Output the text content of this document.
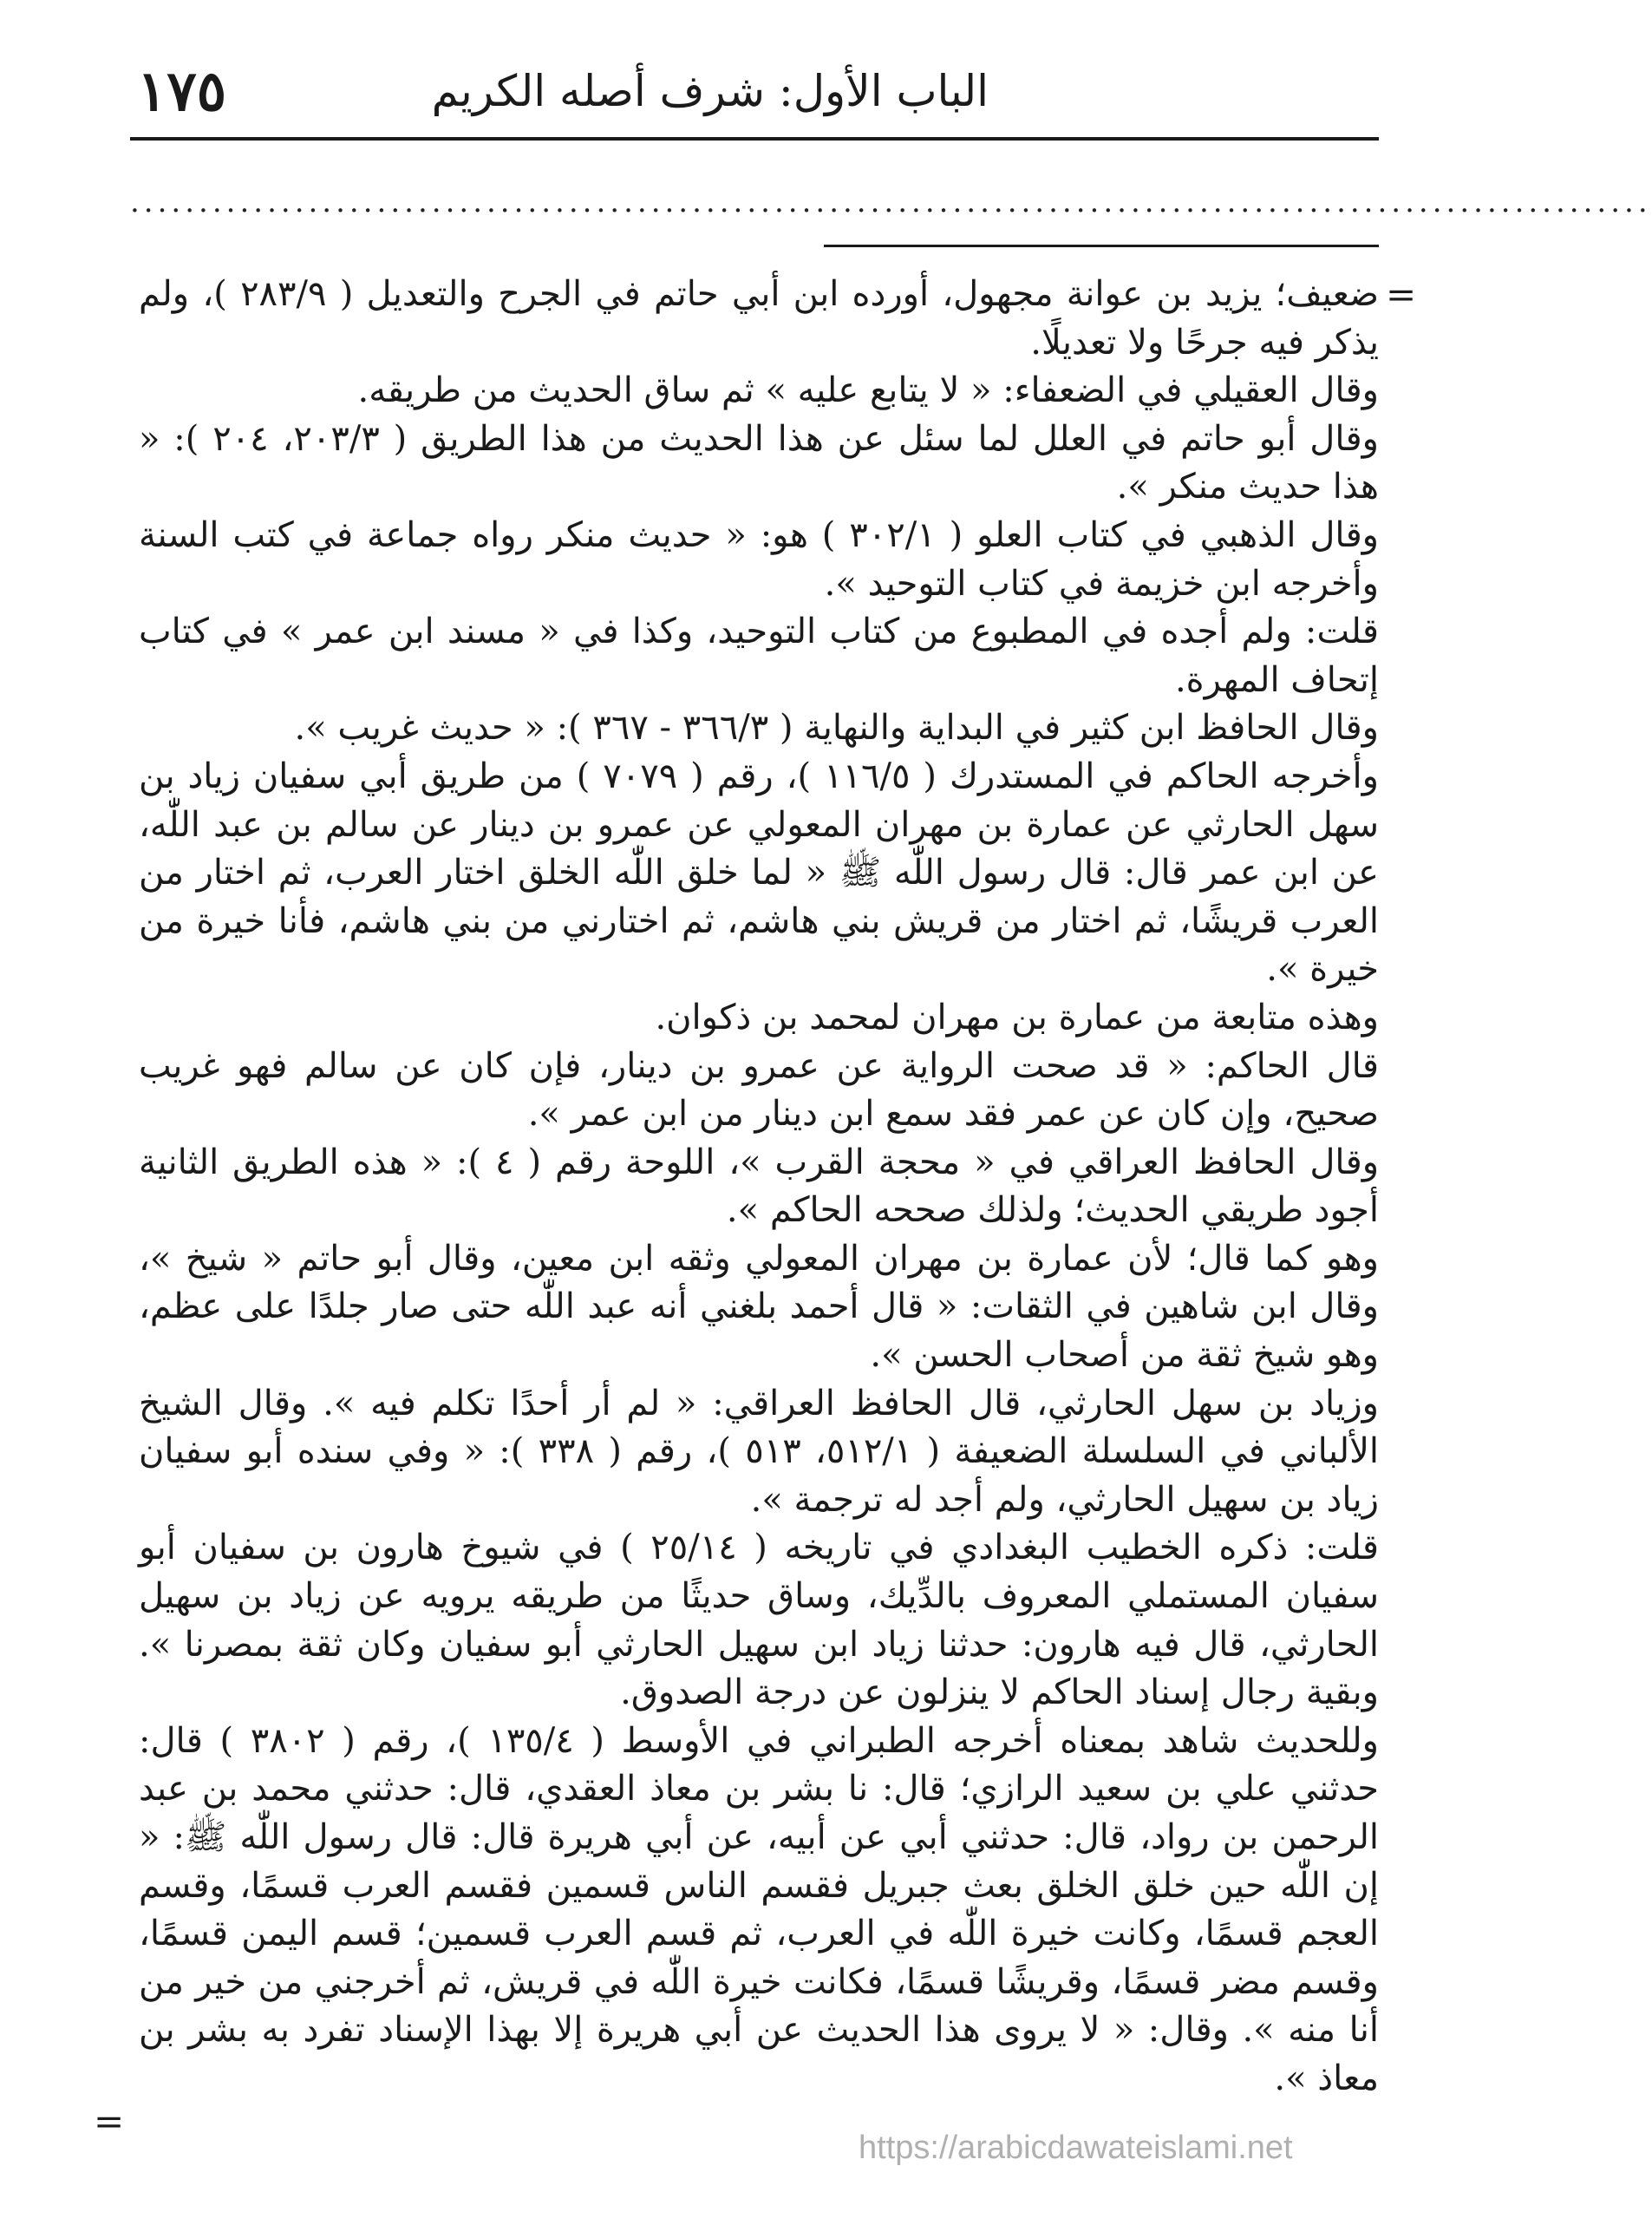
الباب الأول: شرف أصله الكريم
١٧٥
...............................................................................................................
=

ضعيف؛ يزيد بن عوانة مجهول، أورده ابن أبي حاتم في الجرح والتعديل ( ٢٨٣/٩ )، ولم يذكر فيه جرحًا ولا تعديلًا.

وقال العقيلي في الضعفاء: « لا يتابع عليه » ثم ساق الحديث من طريقه.

وقال أبو حاتم في العلل لما سئل عن هذا الحديث من هذا الطريق ( ٢٠٣/٣، ٢٠٤ ): « هذا حديث منكر ».

وقال الذهبي في كتاب العلو ( ٣٠٢/١ ) هو: « حديث منكر رواه جماعة في كتب السنة وأخرجه ابن خزيمة في كتاب التوحيد ».

قلت: ولم أجده في المطبوع من كتاب التوحيد، وكذا في « مسند ابن عمر » في كتاب إتحاف المهرة.

وقال الحافظ ابن كثير في البداية والنهاية ( ٣٦٦/٣ - ٣٦٧ ): « حديث غريب ».

وأخرجه الحاكم في المستدرك ( ١١٦/٥ )، رقم ( ٧٠٧٩ ) من طريق أبي سفيان زياد بن سهل الحارثي عن عمارة بن مهران المعولي عن عمرو بن دينار عن سالم بن عبد اللّٰه، عن ابن عمر قال: قال رسول اللّٰه ﷺ « لما خلق اللّٰه الخلق اختار العرب، ثم اختار من العرب قريشًا، ثم اختار من قريش بني هاشم، ثم اختارني من بني هاشم، فأنا خيرة من خيرة ».

وهذه متابعة من عمارة بن مهران لمحمد بن ذكوان.

قال الحاكم: « قد صحت الرواية عن عمرو بن دينار، فإن كان عن سالم فهو غريب صحيح، وإن كان عن عمر فقد سمع ابن دينار من ابن عمر ».

وقال الحافظ العراقي في « محجة القرب »، اللوحة رقم ( ٤ ): « هذه الطريق الثانية أجود طريقي الحديث؛ ولذلك صححه الحاكم ».

وهو كما قال؛ لأن عمارة بن مهران المعولي وثقه ابن معين، وقال أبو حاتم « شيخ »، وقال ابن شاهين في الثقات: « قال أحمد بلغني أنه عبد اللّٰه حتى صار جلدًا على عظم، وهو شيخ ثقة من أصحاب الحسن ».

وزياد بن سهل الحارثي، قال الحافظ العراقي: « لم أر أحدًا تكلم فيه ». وقال الشيخ الألباني في السلسلة الضعيفة ( ٥١٢/١، ٥١٣ )، رقم ( ٣٣٨ ): « وفي سنده أبو سفيان زياد بن سهيل الحارثي، ولم أجد له ترجمة ».

قلت: ذكره الخطيب البغدادي في تاريخه ( ٢٥/١٤ ) في شيوخ هارون بن سفيان أبو سفيان المستملي المعروف بالدِّيك، وساق حديثًا من طريقه يرويه عن زياد بن سهيل الحارثي، قال فيه هارون: حدثنا زياد ابن سهيل الحارثي أبو سفيان وكان ثقة بمصرنا ». وبقية رجال إسناد الحاكم لا ينزلون عن درجة الصدوق.

وللحديث شاهد بمعناه أخرجه الطبراني في الأوسط ( ١٣٥/٤ )، رقم ( ٣٨٠٢ ) قال: حدثني علي بن سعيد الرازي؛ قال: نا بشر بن معاذ العقدي، قال: حدثني محمد بن عبد الرحمن بن رواد، قال: حدثني أبي عن أبيه، عن أبي هريرة قال: قال رسول اللّٰه ﷺ: « إن اللّٰه حين خلق الخلق بعث جبريل فقسم الناس قسمين فقسم العرب قسمًا، وقسم العجم قسمًا، وكانت خيرة اللّٰه في العرب، ثم قسم العرب قسمين؛ قسم اليمن قسمًا، وقسم مضر قسمًا، وقريشًا قسمًا، فكانت خيرة اللّٰه في قريش، ثم أخرجني من خير من أنا منه ». وقال: « لا يروى هذا الحديث عن أبي هريرة إلا بهذا الإسناد تفرد به بشر بن معاذ ».

=
https://arabicdawateislami.net
